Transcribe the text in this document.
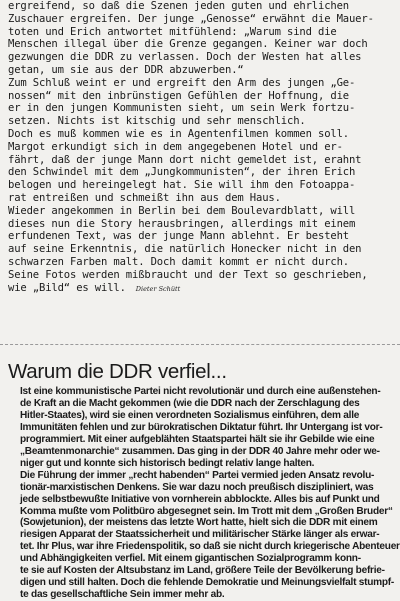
ergreifend, so daß die Szenen jeden guten und ehrlichen
Zuschauer ergreifen. Der junge „Genosse“ erwähnt die Mauer-
toten und Erich antwortet mitfühlend: „Warum sind die
Menschen illegal über die Grenze gegangen. Keiner war doch
gezwungen die DDR zu verlassen. Doch der Westen hat alles
getan, um sie aus der DDR abzuwerben.“
Zum Schluß weint er und ergreift den Arm des jungen „Ge-
nossen“ mit den inbrünstigen Gefühlen der Hoffnung, die
er in den jungen Kommunisten sieht, um sein Werk fortzu-
setzen. Nichts ist kitschig und sehr menschlich.
Doch es muß kommen wie es in Agentenfilmen kommen soll.
Margot erkundigt sich in dem angegebenen Hotel und er-
fährt, daß der junge Mann dort nicht gemeldet ist, erahnt
den Schwindel mit dem „Jungkommunisten“, der ihren Erich
belogen und hereingelegt hat. Sie will ihm den Fotoappa-
rat entreißen und schmeißt ihn aus dem Haus.
Wieder angekommen in Berlin bei dem Boulevardblatt, will
dieses nun die Story herausbringen, allerdings mit einem
erfundenen Text, was der junge Mann ablehnt. Er besteht
auf seine Erkenntnis, die natürlich Honecker nicht in den
schwarzen Farben malt. Doch damit kommt er nicht durch.
Seine Fotos werden mißbraucht und der Text so geschrieben,
wie „Bild“ es will. Dieter Schütt
Warum die DDR verfiel...
Ist eine kommunistische Partei nicht revolutionär und durch eine außenstehen-
de Kraft an die Macht gekommen (wie die DDR nach der Zerschlagung des
Hitler-Staates), wird sie einen verordneten Sozialismus einführen, dem alle
Immunitäten fehlen und zur bürokratischen Diktatur führt. Ihr Untergang ist vor-
programmiert. Mit einer aufgeblähten Staatspartei hält sie ihr Gebilde wie eine
„Beamtenmonarchie“ zusammen. Das ging in der DDR 40 Jahre mehr oder we-
niger gut und konnte sich historisch bedingt relativ lange halten.
Die Führung der immer „recht habenden“ Partei vermied jeden Ansatz revolu-
tionär-marxistischen Denkens. Sie war dazu noch preußisch diszipliniert, was
jede selbstbewußte Initiative von vornherein abblockte. Alles bis auf Punkt und
Komma mußte vom Politbüro abgesegnet sein. Im Trott mit dem „Großen Bruder“
(Sowjetunion), der meistens das letzte Wort hatte, hielt sich die DDR mit einem
riesigen Apparat der Staatssicherheit und militärischer Stärke länger als erwar-
tet. Ihr Plus, war ihre Friedenspolitik, so daß sie nicht durch kriegerische Abenteuer
und Abhängigkeiten verfiel. Mit einem gigantischen Sozialprogramm konn-
te sie auf Kosten der Altsubstanz im Land, größere Teile der Bevölkerung befrie-
digen und still halten. Doch die fehlende Demokratie und Meinungsvielfalt stumpf-
te das gesellschaftliche Sein immer mehr ab.
